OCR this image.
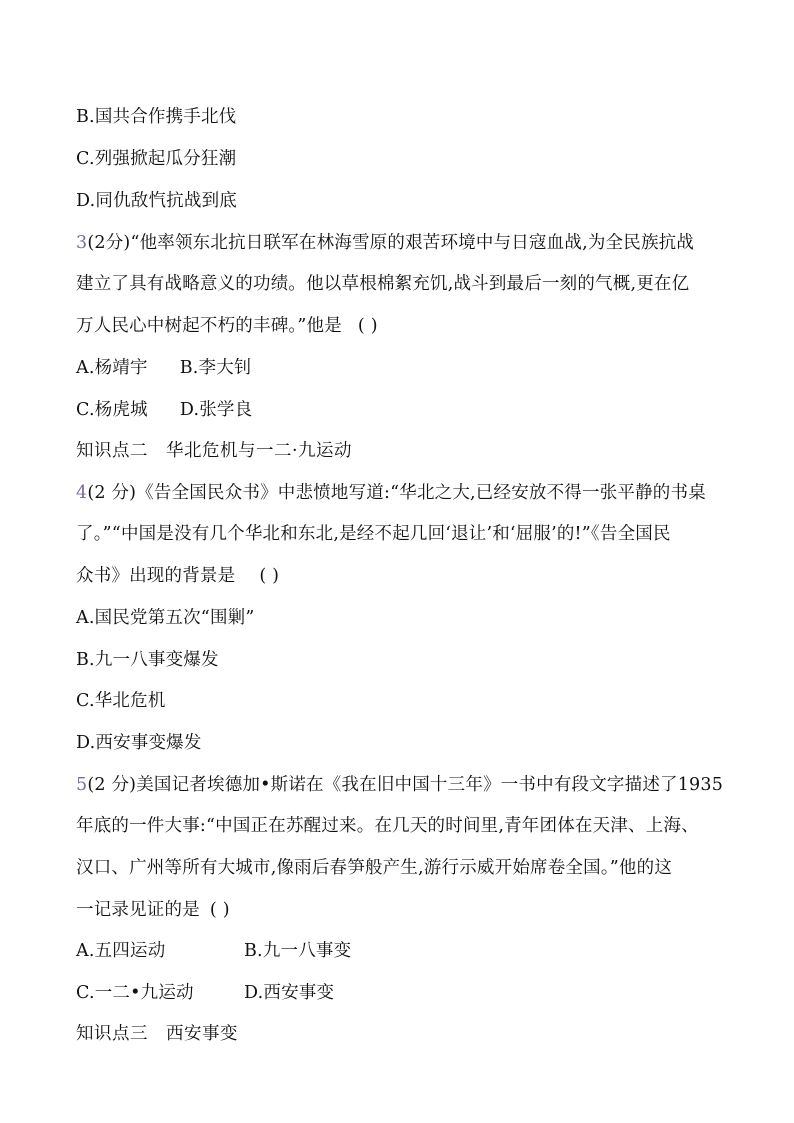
B.国共合作携手北伐
C.列强掀起瓜分狂潮
D.同仇敌忾抗战到底
3(2分)“他率领东北抗日联军在林海雪原的艰苦环境中与日寇血战,为全民族抗战
建立了具有战略意义的功绩。他以草根棉絮充饥,战斗到最后一刻的气概,更在亿
万人民心中树起不朽的丰碑。”他是 ( )
A.杨靖宇 B.李大钊
C.杨虎城 D.张学良
知识点二 华北危机与一二·九运动
4(2 分)《告全国民众书》中悲愤地写道:“华北之大,已经安放不得一张平静的书桌
了。”“中国是没有几个华北和东北,是经不起几回‘退让’和‘屈服’的!”《告全国民
众书》出现的背景是 ( )
A.国民党第五次“围剿”
B.九一八事变爆发
C.华北危机
D.西安事变爆发
5(2 分)美国记者埃德加•斯诺在《我在旧中国十三年》一书中有段文字描述了1935
年底的一件大事:“中国正在苏醒过来。在几天的时间里,青年团体在天津、上海、
汉口、广州等所有大城市,像雨后春笋般产生,游行示威开始席卷全国。”他的这
一记录见证的是 ( )
A.五四运动	B.九一八事变
C.一二•九运动	D.西安事变
知识点三 西安事变
